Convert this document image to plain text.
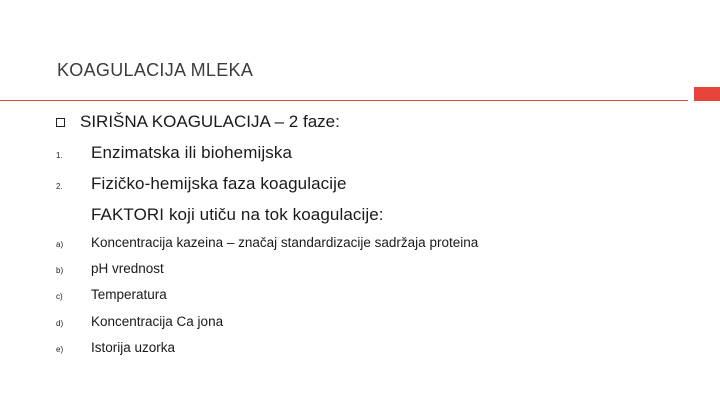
KOAGULACIJA MLEKA
SIRIŠNA KOAGULACIJA – 2 faze:
1. Enzimatska ili biohemijska
2. Fizičko-hemijska faza koagulacije
FAKTORI koji utiču na tok koagulacije:
a) Koncentracija kazeina – značaj standardizacije sadržaja proteina
b) pH vrednost
c) Temperatura
d) Koncentracija Ca jona
e) Istorija uzorka
